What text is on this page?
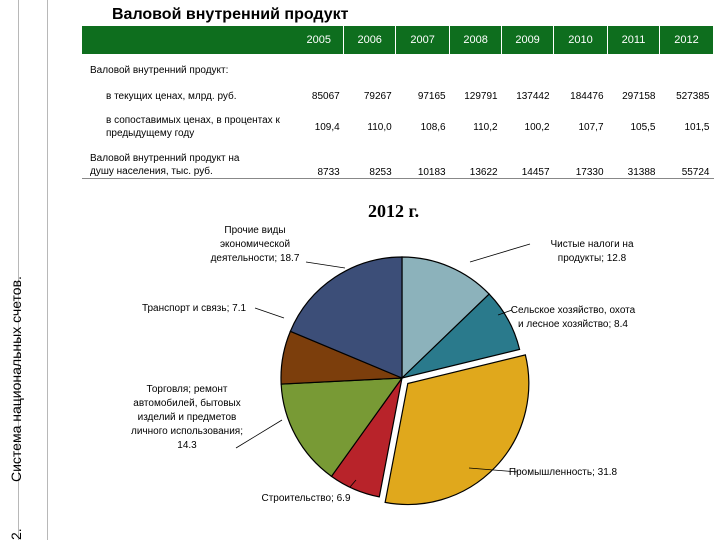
2.Система национальных счетов.
Валовой внутренний продукт
	2005	2006	2007	2008	2009	2010	2011	2012
Валовой внутренний продукт:								
в текущих ценах, млрд. руб.	85067	79267	97165	129791	137442	184476	297158	527385
в сопоставимых ценах, в процентах к предыдущему году	109,4	110,0	108,6	110,2	100,2	107,7	105,5	101,5
Валовой внутренний продукт на душу населения, тыс. руб.	8733	8253	10183	13622	14457	17330	31388	55724

2012 г.
Прочие виды экономической деятельности; 18.7
Чистые налоги на продукты; 12.8
Сельское хозяйство, охота и лесное хозяйство; 8.4
Транспорт и связь; 7.1
Торговля; ремонт автомобилей, бытовых изделий и предметов личного использования; 14.3
Промышленность; 31.8
Строительство; 6.9
